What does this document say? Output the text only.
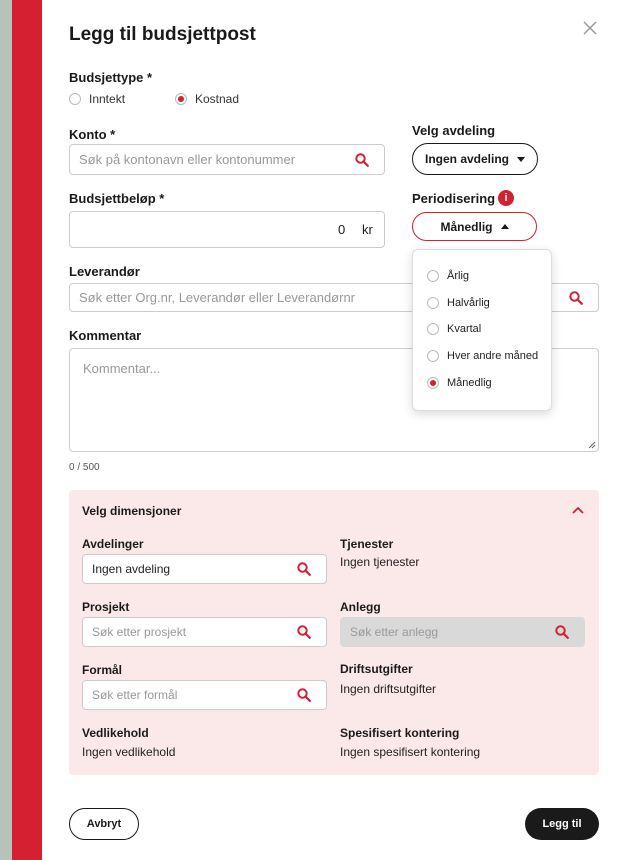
Legg til budsjettpost
Budsjettype *
Inntekt	Kostnad
Konto *
Søk på kontonavn eller kontonummer
Velg avdeling
Ingen avdeling
Budsjettbeløp *
0 kr
Periodisering i
Månedlig
Leverandør
Søk etter Org.nr, Leverandør eller Leverandørnr
Kommentar
Kommentar...
0 / 500
Velg dimensjoner
Avdelinger
Ingen avdeling
Tjenester
Ingen tjenester
Prosjekt
Søk etter prosjekt
Anlegg
Søk etter anlegg
Formål
Søk etter formål
Driftsutgifter
Ingen driftsutgifter
Vedlikehold
Ingen vedlikehold
Spesifisert kontering
Ingen spesifisert kontering
Avbryt	Legg til
Årlig
Halvårlig
Kvartal
Hver andre måned
Månedlig
